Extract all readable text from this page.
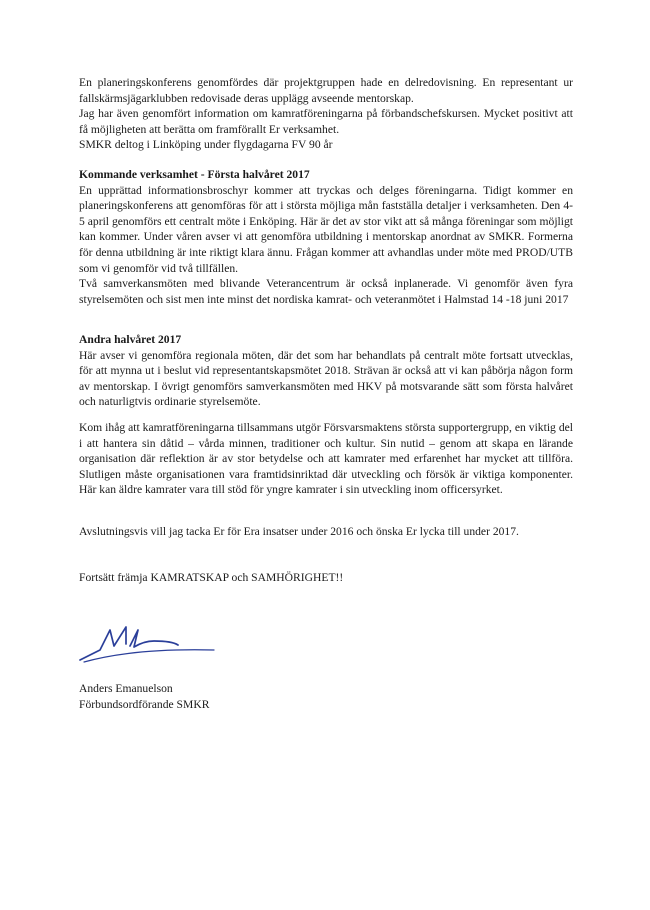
En planeringskonferens genomfördes där projektgruppen hade en delredovisning. En representant ur fallskärmsjägarklubben redovisade deras upplägg avseende mentorskap.

Jag har även genomfört information om kamratföreningarna på förbandschefskursen. Mycket positivt att få möjligheten att berätta om framförallt Er verksamhet.

SMKR deltog i Linköping under flygdagarna FV 90 år

Kommande verksamhet - Första halvåret 2017

En upprättad informationsbroschyr kommer att tryckas och delges föreningarna. Tidigt kommer en planeringskonferens att genomföras för att i största möjliga mån fastställa detaljer i verksamheten. Den 4-5 april genomförs ett centralt möte i Enköping. Här är det av stor vikt att så många föreningar som möjligt kan kommer. Under våren avser vi att genomföra utbildning i mentorskap anordnat av SMKR. Formerna för denna utbildning är inte riktigt klara ännu. Frågan kommer att avhandlas under möte med PROD/UTB som vi genomför vid två tillfällen.

Två samverkansmöten med blivande Veterancentrum är också inplanerade. Vi genomför även fyra styrelsemöten och sist men inte minst det nordiska kamrat- och veteranmötet i Halmstad 14 -18 juni 2017

Andra halvåret 2017

Här avser vi genomföra regionala möten, där det som har behandlats på centralt möte fortsatt utvecklas, för att mynna ut i beslut vid representantskapsmötet 2018. Strävan är också att vi kan påbörja någon form av mentorskap. I övrigt genomförs samverkansmöten med HKV på motsvarande sätt som första halvåret och naturligtvis ordinarie styrelsemöte.

Kom ihåg att kamratföreningarna tillsammans utgör Försvarsmaktens största supportergrupp, en viktig del i att hantera sin dåtid – vårda minnen, traditioner och kultur. Sin nutid – genom att skapa en lärande organisation där reflektion är av stor betydelse och att kamrater med erfarenhet har mycket att tillföra. Slutligen måste organisationen vara framtidsinriktad där utveckling och försök är viktiga komponenter. Här kan äldre kamrater vara till stöd för yngre kamrater i sin utveckling inom officersyrket.

Avslutningsvis vill jag tacka Er för Era insatser under 2016 och önska Er lycka till under 2017.

Fortsätt främja KAMRATSKAP och SAMHÖRIGHET!!

Anders Emanuelson

Förbundsordförande SMKR
